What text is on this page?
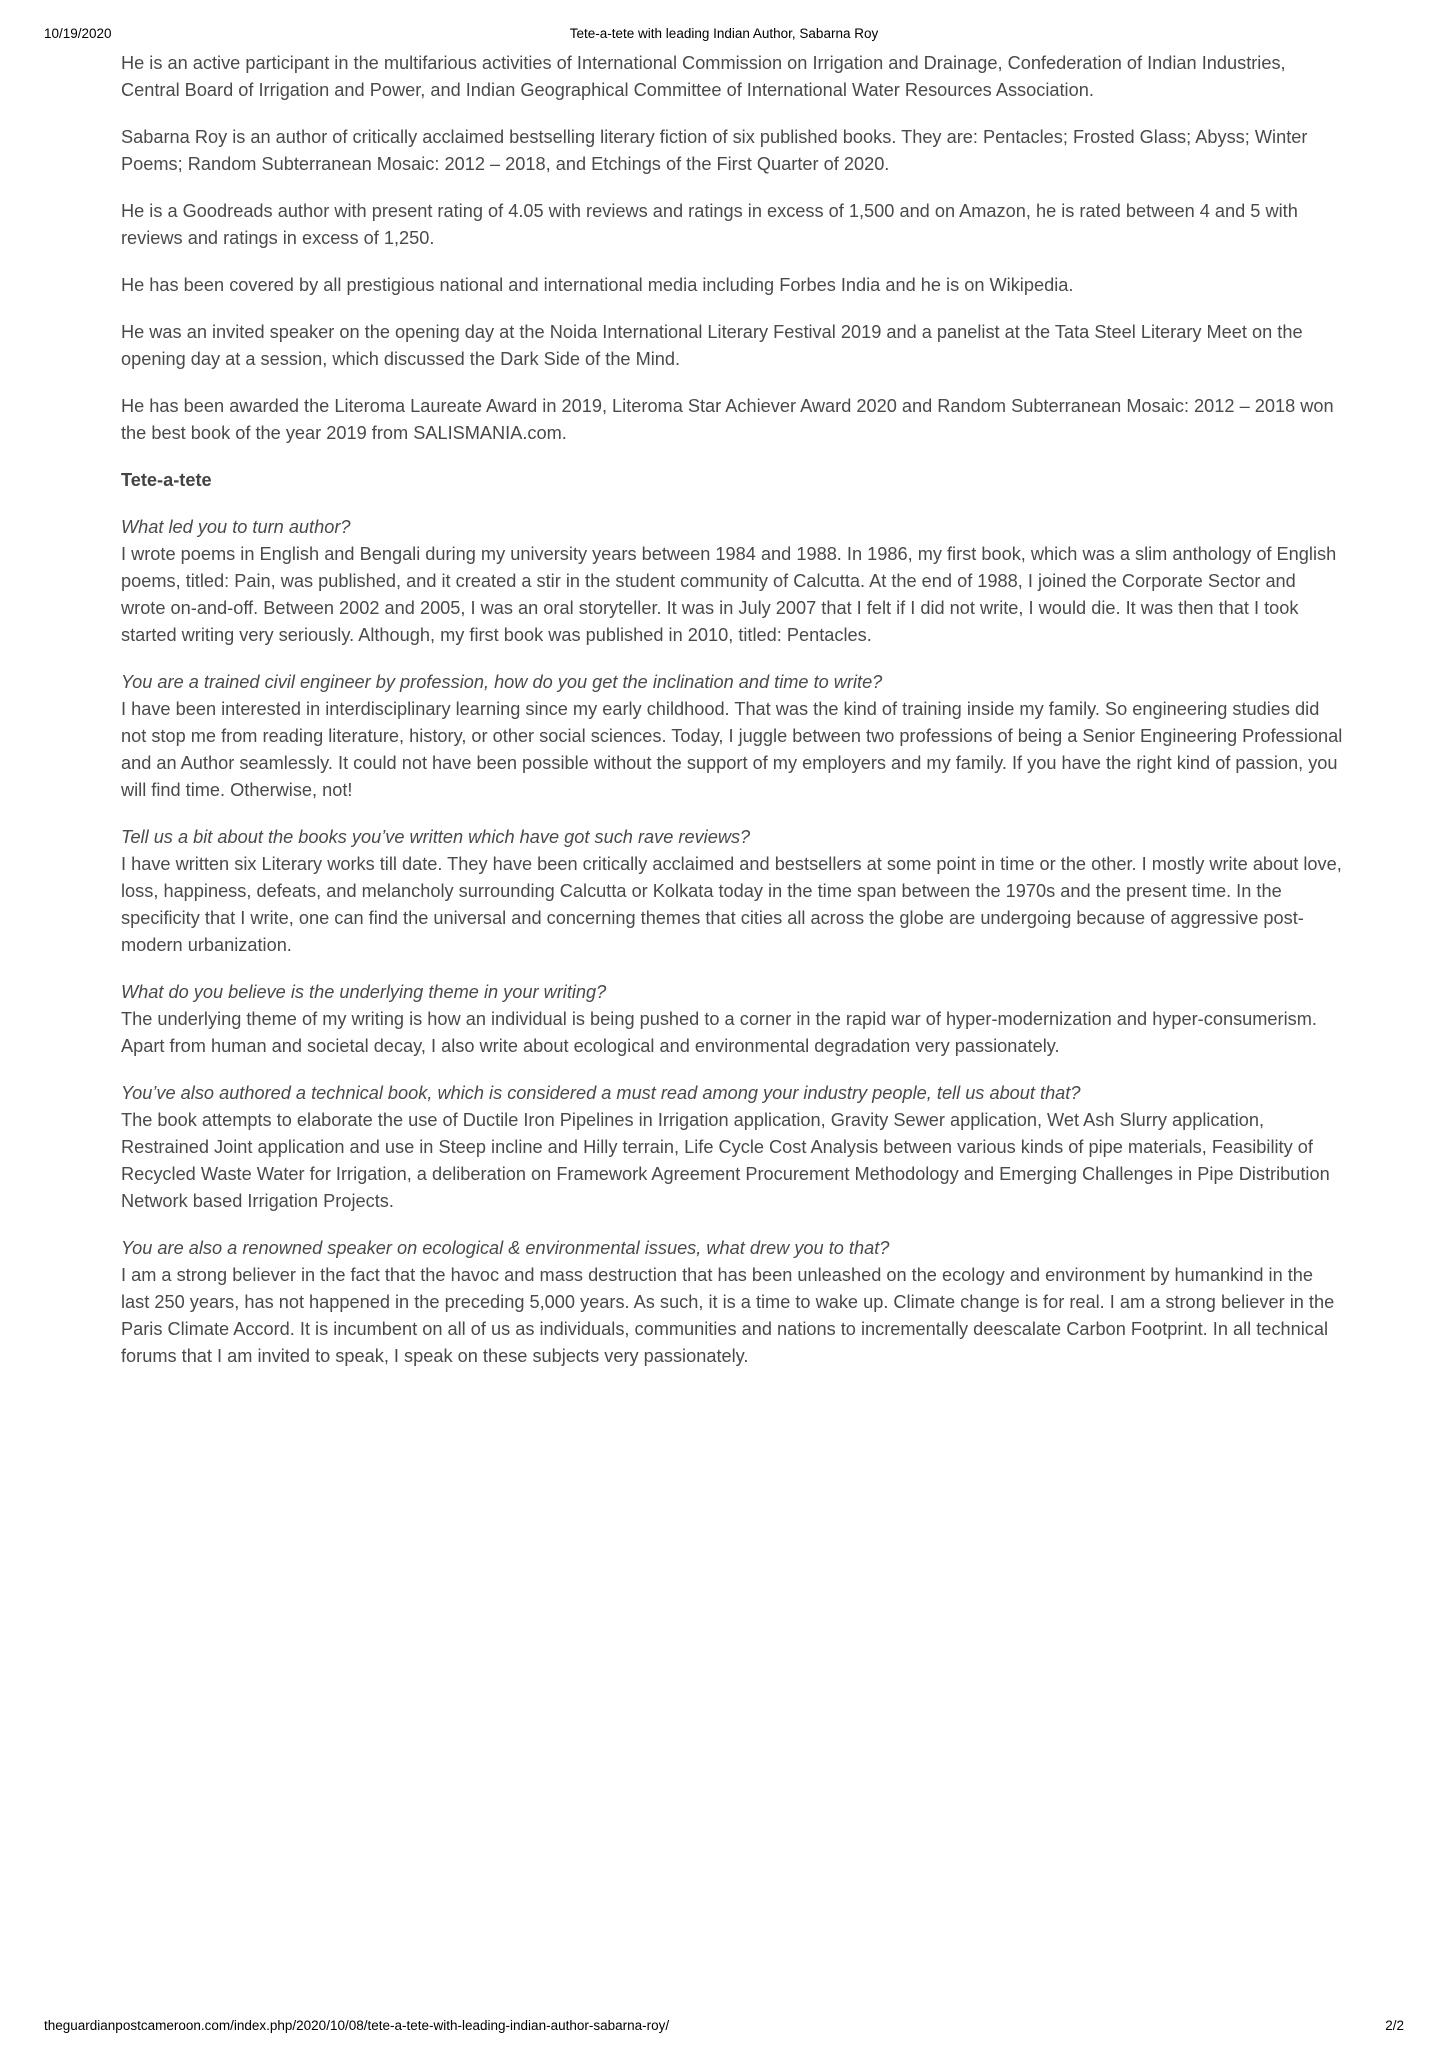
10/19/2020	Tete-a-tete with leading Indian Author, Sabarna Roy

He is an active participant in the multifarious activities of International Commission on Irrigation and Drainage, Confederation of Indian Industries, Central Board of Irrigation and Power, and Indian Geographical Committee of International Water Resources Association.

Sabarna Roy is an author of critically acclaimed bestselling literary fiction of six published books. They are: Pentacles; Frosted Glass; Abyss; Winter Poems; Random Subterranean Mosaic: 2012 – 2018, and Etchings of the First Quarter of 2020.

He is a Goodreads author with present rating of 4.05 with reviews and ratings in excess of 1,500 and on Amazon, he is rated between 4 and 5 with reviews and ratings in excess of 1,250.

He has been covered by all prestigious national and international media including Forbes India and he is on Wikipedia.

He was an invited speaker on the opening day at the Noida International Literary Festival 2019 and a panelist at the Tata Steel Literary Meet on the opening day at a session, which discussed the Dark Side of the Mind.

He has been awarded the Literoma Laureate Award in 2019, Literoma Star Achiever Award 2020 and Random Subterranean Mosaic: 2012 – 2018 won the best book of the year 2019 from SALISMANIA.com.

Tete-a-tete
What led you to turn author?
I wrote poems in English and Bengali during my university years between 1984 and 1988. In 1986, my first book, which was a slim anthology of English poems, titled: Pain, was published, and it created a stir in the student community of Calcutta. At the end of 1988, I joined the Corporate Sector and wrote on-and-off. Between 2002 and 2005, I was an oral storyteller. It was in July 2007 that I felt if I did not write, I would die. It was then that I took started writing very seriously. Although, my first book was published in 2010, titled: Pentacles.
You are a trained civil engineer by profession, how do you get the inclination and time to write?
I have been interested in interdisciplinary learning since my early childhood. That was the kind of training inside my family. So engineering studies did not stop me from reading literature, history, or other social sciences. Today, I juggle between two professions of being a Senior Engineering Professional and an Author seamlessly. It could not have been possible without the support of my employers and my family. If you have the right kind of passion, you will find time. Otherwise, not!
Tell us a bit about the books you’ve written which have got such rave reviews?
I have written six Literary works till date. They have been critically acclaimed and bestsellers at some point in time or the other. I mostly write about love, loss, happiness, defeats, and melancholy surrounding Calcutta or Kolkata today in the time span between the 1970s and the present time. In the specificity that I write, one can find the universal and concerning themes that cities all across the globe are undergoing because of aggressive post-modern urbanization.
What do you believe is the underlying theme in your writing?
The underlying theme of my writing is how an individual is being pushed to a corner in the rapid war of hyper-modernization and hyper-consumerism. Apart from human and societal decay, I also write about ecological and environmental degradation very passionately.
You’ve also authored a technical book, which is considered a must read among your industry people, tell us about that?
The book attempts to elaborate the use of Ductile Iron Pipelines in Irrigation application, Gravity Sewer application, Wet Ash Slurry application, Restrained Joint application and use in Steep incline and Hilly terrain, Life Cycle Cost Analysis between various kinds of pipe materials, Feasibility of Recycled Waste Water for Irrigation, a deliberation on Framework Agreement Procurement Methodology and Emerging Challenges in Pipe Distribution Network based Irrigation Projects.
You are also a renowned speaker on ecological & environmental issues, what drew you to that?
I am a strong believer in the fact that the havoc and mass destruction that has been unleashed on the ecology and environment by humankind in the last 250 years, has not happened in the preceding 5,000 years. As such, it is a time to wake up. Climate change is for real. I am a strong believer in the Paris Climate Accord. It is incumbent on all of us as individuals, communities and nations to incrementally deescalate Carbon Footprint. In all technical forums that I am invited to speak, I speak on these subjects very passionately.
theguardianpostcameroon.com/index.php/2020/10/08/tete-a-tete-with-leading-indian-author-sabarna-roy/	2/2
